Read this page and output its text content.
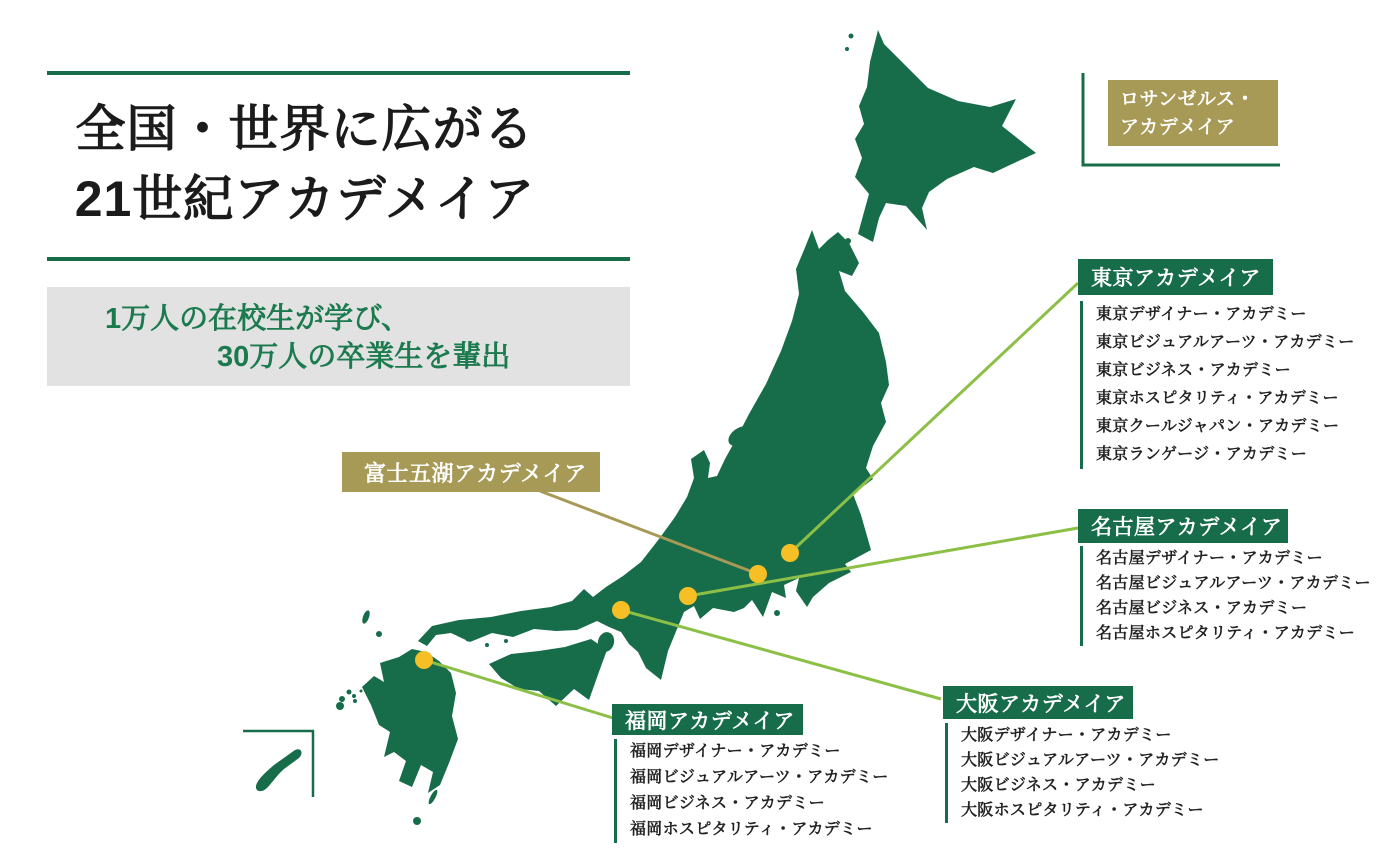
全国・世界に広がる
21世紀アカデメイア
1万人の在校生が学び、
30万人の卒業生を輩出
ロサンゼルス・
アカデメイア
東京アカデメイア
東京デザイナー・アカデミー
東京ビジュアルアーツ・アカデミー
東京ビジネス・アカデミー
東京ホスピタリティ・アカデミー
東京クールジャパン・アカデミー
東京ランゲージ・アカデミー
名古屋アカデメイア
名古屋デザイナー・アカデミー
名古屋ビジュアルアーツ・アカデミー
名古屋ビジネス・アカデミー
名古屋ホスピタリティ・アカデミー
富士五湖アカデメイア
大阪アカデメイア
大阪デザイナー・アカデミー
大阪ビジュアルアーツ・アカデミー
大阪ビジネス・アカデミー
大阪ホスピタリティ・アカデミー
福岡アカデメイア
福岡デザイナー・アカデミー
福岡ビジュアルアーツ・アカデミー
福岡ビジネス・アカデミー
福岡ホスピタリティ・アカデミー
